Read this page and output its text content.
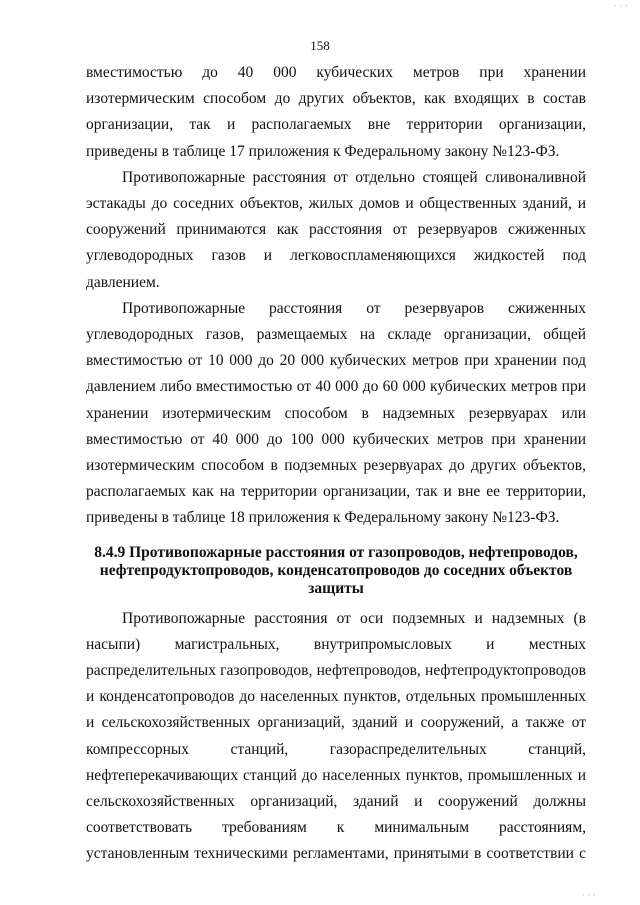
· · ·
158

вместимостью до 40 000 кубических метров при хранении изотермическим способом до других объектов, как входящих в состав организации, так и располагаемых вне территории организации, приведены в таблице 17 приложения к Федеральному закону №123-ФЗ.

Противопожарные расстояния от отдельно стоящей сливоналивной эстакады до соседних объектов, жилых домов и общественных зданий, и сооружений принимаются как расстояния от резервуаров сжиженных углеводородных газов и легковоспламеняющихся жидкостей под давлением.

Противопожарные расстояния от резервуаров сжиженных углеводородных газов, размещаемых на складе организации, общей вместимостью от 10 000 до 20 000 кубических метров при хранении под давлением либо вместимостью от 40 000 до 60 000 кубических метров при хранении изотермическим способом в надземных резервуарах или вместимостью от 40 000 до 100 000 кубических метров при хранении изотермическим способом в подземных резервуарах до других объектов, располагаемых как на территории организации, так и вне ее территории, приведены в таблице 18 приложения к Федеральному закону №123-ФЗ.

8.4.9 Противопожарные расстояния от газопроводов, нефтепроводов, нефтепродуктопроводов, конденсатопроводов до соседних объектов защиты

Противопожарные расстояния от оси подземных и надземных (в насыпи) магистральных, внутрипромысловых и местных распределительных газопроводов, нефтепроводов, нефтепродуктопроводов и конденсатопроводов до населенных пунктов, отдельных промышленных и сельскохозяйственных организаций, зданий и сооружений, а также от компрессорных станций, газораспределительных станций, нефтеперекачивающих станций до населенных пунктов, промышленных и сельскохозяйственных организаций, зданий и сооружений должны соответствовать требованиям к минимальным расстояниям, установленным техническими регламентами, принятыми в соответствии с

· · ·
